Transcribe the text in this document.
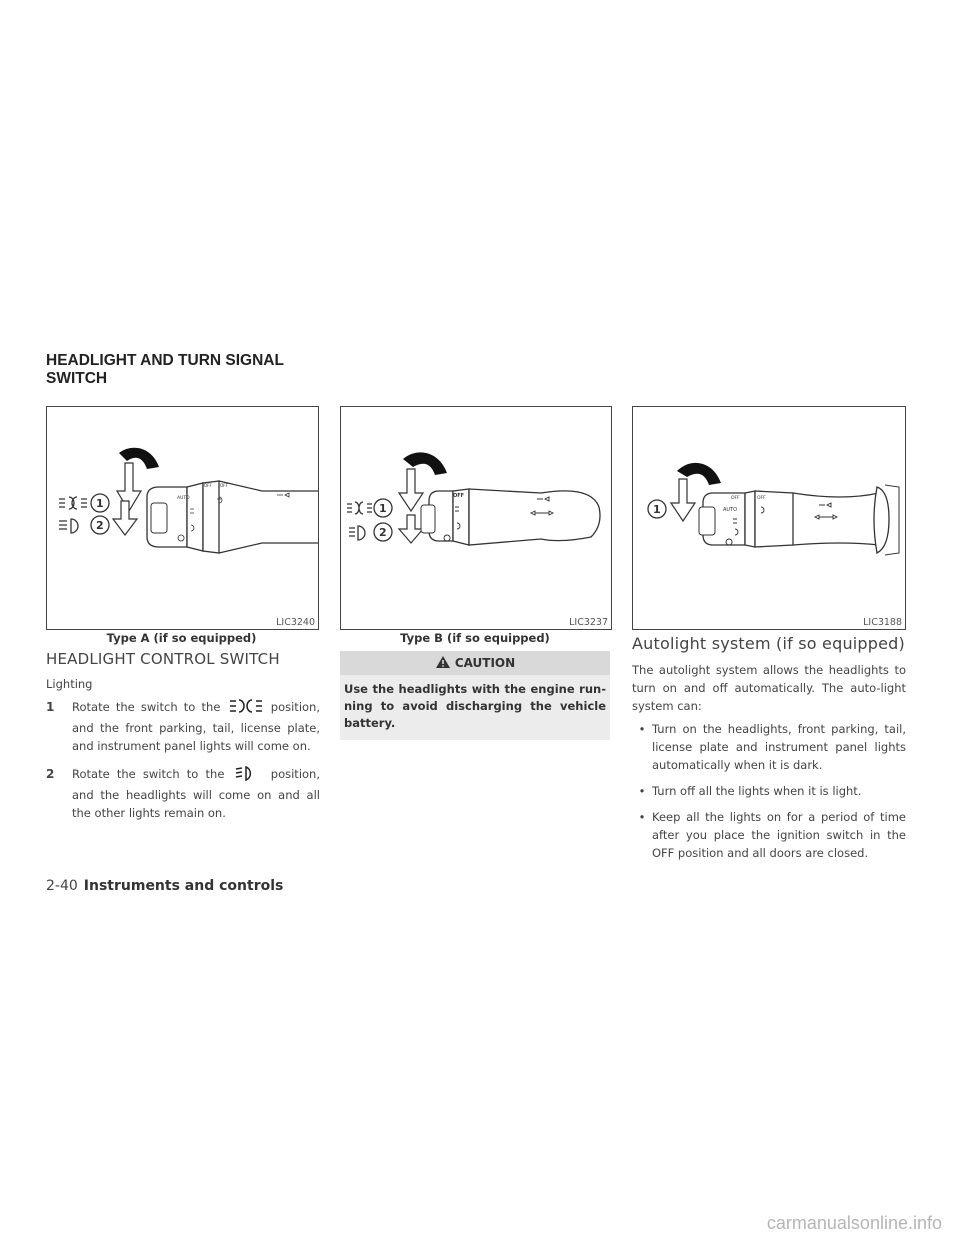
HEADLIGHT AND TURN SIGNAL
SWITCH
1
2
OFF OFF
AUTO
LIC3240
Type A (if so equipped)
1
2
OFF
LIC3237
Type B (if so equipped)
1
OFF	OFF
AUTO
LIC3188
HEADLIGHT CONTROL SWITCH
Lighting
1	Rotate the switch to the	position, and the front parking, tail, license plate, and instrument panel lights will come on.
2	Rotate the switch to the	position, and the headlights will come on and all the other lights remain on.
CAUTION
Use the headlights with the engine run-ning to avoid discharging the vehicle battery.
Autolight system (if so equipped)
The autolight system allows the headlights to turn on and off automatically. The auto-light system can:
• Turn on the headlights, front parking, tail, license plate and instrument panel lights automatically when it is dark.
• Turn off all the lights when it is light.
• Keep all the lights on for a period of time after you place the ignition switch in the OFF position and all doors are closed.
2-40 Instruments and controls
carmanualsonline.info
